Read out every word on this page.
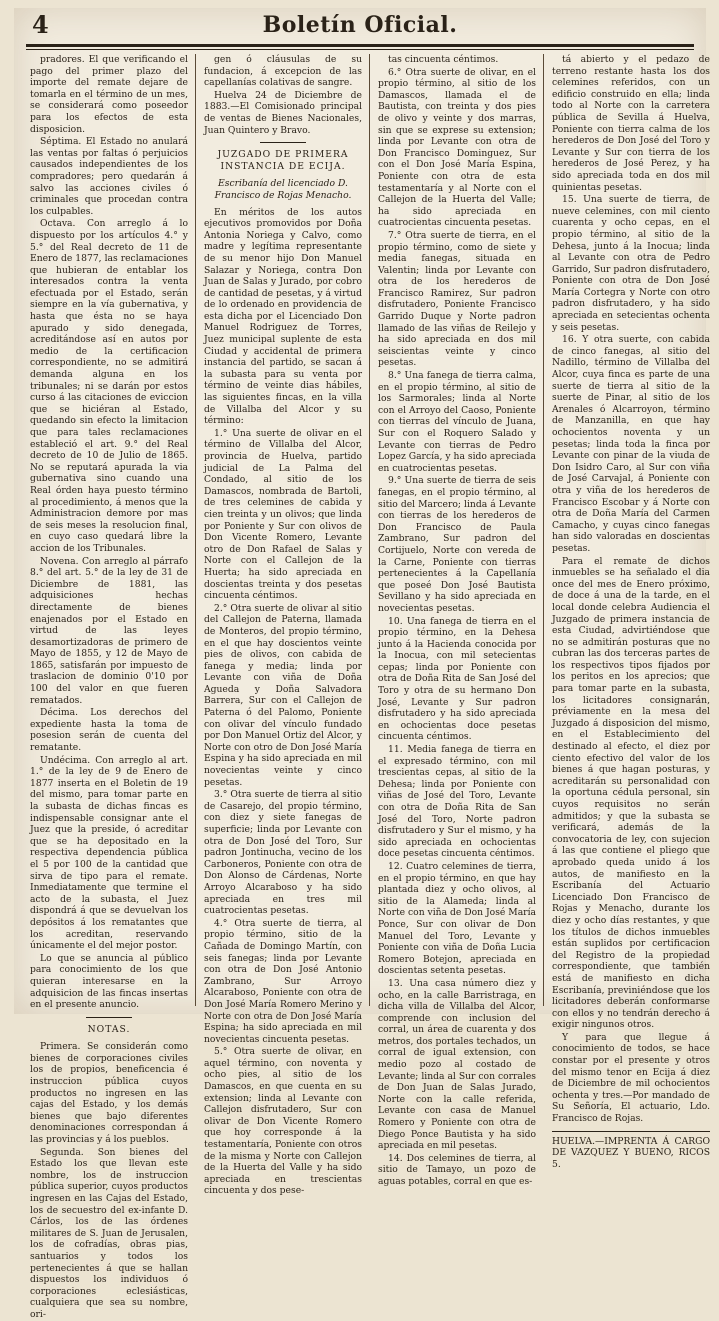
4	Boletín Oficial.

pradores. El que verificando el pago del primer plazo del importe del remate dejare de tomarla en el término de un mes, se considerará como poseedor para los efectos de esta disposicion.

Séptima. El Estado no anulará las ventas por faltas ó perjuicios causados independientes de los compradores; pero quedarán á salvo las acciones civiles ó criminales que procedan contra los culpables.

Octava. Con arreglo á lo dispuesto por los artículos 4.° y 5.° del Real decreto de 11 de Enero de 1877, las reclamaciones que hubieran de entablar los interesados contra la venta efectuada por el Estado, serán siempre en la vía gubernativa, y hasta que ésta no se haya apurado y sido denegada, acreditándose así en autos por medio de la certificacion correspondiente, no se admitirá demanda alguna en los tribunales; ni se darán por estos curso á las citaciones de eviccion que se hiciéran al Estado, quedando sin efecto la limitacion que para tales reclamaciones estableció el art. 9.° del Real decreto de 10 de Julio de 1865. No se reputará apurada la via gubernativa sino cuando una Real órden haya puesto término al procedimiento, á menos que la Administracion demore por mas de seis meses la resolucion final, en cuyo caso quedará libre la accion de los Tribunales.

Novena. Con arreglo al párrafo 8.° del art. 5.° de la ley de 31 de Diciembre de 1881, las adquisiciones hechas directamente de bienes enajenados por el Estado en virtud de las leyes desamortizadoras de primero de Mayo de 1855, y 12 de Mayo de 1865, satisfarán por impuesto de traslacion de dominio 0'10 por 100 del valor en que fueren rematados.

Décima. Los derechos del expediente hasta la toma de posesion serán de cuenta del rematante.

Undécima. Con arreglo al art. 1.° de la ley de 9 de Enero de 1877 inserta en el Boletin de 19 del mismo, para tomar parte en la subasta de dichas fincas es indispensable consignar ante el Juez que la preside, ó acreditar que se ha depositado en la respectiva dependencia pública el 5 por 100 de la cantidad que sirva de tipo para el remate. Inmediatamente que termine el acto de la subasta, el Juez dispondrá á que se devuelvan los depósitos á los rematantes que los acreditan, reservando únicamente el del mejor postor.

Lo que se anuncia al público para conocimiento de los que quieran interesarse en la adquisicion de las fincas insertas en el presente anuncio.

NOTAS.

Primera. Se considerán como bienes de corporaciones civiles los de propios, beneficencia é instruccion pública cuyos productos no ingresen en las cajas del Estado, y los demás bienes que bajo diferentes denominaciones correspondan á las provincias y á los pueblos.

Segunda. Son bienes del Estado los que llevan este nombre, los de instruccion pública superior, cuyos productos ingresen en las Cajas del Estado, los de secuestro del ex-infante D. Cárlos, los de las órdenes militares de S. Juan de Jerusalen, los de cofradías, obras pias, santuarios y todos los pertenecientes á que se hallan dispuestos los individuos ó corporaciones eclesiásticas, cualquiera que sea su nombre, ori-

gen ó cláusulas de su fundacion, á excepcion de las capellanías colativas de sangre.

Huelva 24 de Diciembre de 1883.—El Comisionado principal de ventas de Bienes Nacionales, Juan Quintero y Bravo.

JUZGADO DE PRIMERA INSTANCIA DE ECIJA.

Escribanía del licenciado D. Francisco de Rojas Menacho.

En méritos de los autos ejecutivos promovidos por Doña Antonia Noriega y Calvo, como madre y legítima representante de su menor hijo Don Manuel Salazar y Noriega, contra Don Juan de Salas y Jurado, por cobro de cantidad de pesetas, y á virtud de lo ordenado en providencia de esta dicha por el Licenciado Don Manuel Rodriguez de Torres, Juez municipal suplente de esta Ciudad y accidental de primera instancia del partido, se sacan á la subasta para su venta por término de veinte dias hábiles, las siguientes fincas, en la villa de Villalba del Alcor y su término:

1.° Una suerte de olivar en el término de Villalba del Alcor, provincia de Huelva, partido judicial de La Palma del Condado, al sitio de los Damascos, nombrada de Bartoli, de tres celemines de cabida y cien treinta y un olivos; que linda por Poniente y Sur con olivos de Don Vicente Romero, Levante otro de Don Rafael de Salas y Norte con el Callejon de la Huerta; ha sido apreciada en doscientas treinta y dos pesetas cincuenta céntimos.

2.° Otra suerte de olivar al sitio del Callejon de Paterna, llamada de Monteros, del propio término, en el que hay doscientos veinte pies de olivos, con cabida de fanega y media; linda por Levante con viña de Doña Agueda y Doña Salvadora Barrera, Sur con el Callejon de Paterna ó del Palomo, Poniente con olivar del vínculo fundado por Don Manuel Ortiz del Alcor, y Norte con otro de Don José María Espina y ha sido apreciada en mil novecientas veinte y cinco pesetas.

3.° Otra suerte de tierra al sitio de Casarejo, del propio término, con diez y siete fanegas de superficie; linda por Levante con otra de Don José del Toro, Sur padron Jontinucha, vecino de los Carboneros, Poniente con otra de Don Alonso de Cárdenas, Norte Arroyo Alcaraboso y ha sido apreciada en tres mil cuatrocientas pesetas.

4.° Otra suerte de tierra, al propio término, sitio de la Cañada de Domingo Martín, con seis fanegas; linda por Levante con otra de Don José Antonio Zambrano, Sur Arroyo Alcaraboso, Poniente con otra de Don José María Romero Merino y Norte con otra de Don José María Espina; ha sido apreciada en mil novecientas cincuenta pesetas.

5.° Otra suerte de olivar, en aquel término, con noventa y ocho pies, al sitio de los Damascos, en que cuenta en su extension; linda al Levante con Callejon disfrutadero, Sur con olivar de Don Vicente Romero que hoy corresponde á la testamentaría, Poniente con otros de la misma y Norte con Callejon de la Huerta del Valle y ha sido apreciada en trescientas cincuenta y dos pese-

tas cincuenta céntimos.

6.° Otra suerte de olivar, en el propio término, al sitio de los Damascos, llamada el de Bautista, con treinta y dos pies de olivo y veinte y dos marras, sin que se exprese su extension; linda por Levante con otra de Don Francisco Dominguez, Sur con el Don José María Espina, Poniente con otra de esta testamentaría y al Norte con el Callejon de la Huerta del Valle; ha sido apreciada en cuatrocientas cincuenta pesetas.

7.° Otra suerte de tierra, en el propio término, como de siete y media fanegas, situada en Valentin; linda por Levante con otra de los herederos de Francisco Ramirez, Sur padron disfrutadero, Poniente Francisco Garrido Duque y Norte padron llamado de las viñas de Reilejo y ha sido apreciada en dos mil seiscientas veinte y cinco pesetas.

8.° Una fanega de tierra calma, en el propio término, al sitio de los Sarmorales; linda al Norte con el Arroyo del Caoso, Poniente con tierras del vínculo de Juana, Sur con el Roquero Salado y Levante con tierras de Pedro Lopez García, y ha sido apreciada en cuatrocientas pesetas.

9.° Una suerte de tierra de seis fanegas, en el propio término, al sitio del Marcero; linda á Levante con tierras de los herederos de Don Francisco de Paula Zambrano, Sur padron del Cortijuelo, Norte con vereda de la Carne, Poniente con tierras pertenecientes á la Capellanía que poseé Don José Bautista Sevillano y ha sido apreciada en novecientas pesetas.

10. Una fanega de tierra en el propio término, en la Dehesa junto á la Hacienda conocida por la Inocua, con mil setecientas cepas; linda por Poniente con otra de Doña Rita de San José del Toro y otra de su hermano Don José, Levante y Sur padron disfrutadero y ha sido apreciada en ochocientas doce pesetas cincuenta céntimos.

11. Media fanega de tierra en el expresado término, con mil trescientas cepas, al sitio de la Dehesa; linda por Poniente con viñas de José del Toro, Levante con otra de Doña Rita de San José del Toro, Norte padron disfrutadero y Sur el mismo, y ha sido apreciada en ochocientas doce pesetas cincuenta céntimos.

12. Cuatro celemines de tierra, en el propio término, en que hay plantada diez y ocho olivos, al sitio de la Alameda; linda al Norte con viña de Don José María Ponce, Sur con olivar de Don Manuel del Toro, Levante y Poniente con viña de Doña Lucia Romero Botejon, apreciada en doscientas setenta pesetas.

13. Una casa número diez y ocho, en la calle Barristraga, en dicha villa de Villalba del Alcor, comprende con inclusion del corral, un área de cuarenta y dos metros, dos portales techados, un corral de igual extension, con medio pozo al costado de Levante; linda al Sur con corrales de Don Juan de Salas Jurado, Norte con la calle referida, Levante con casa de Manuel Romero y Poniente con otra de Diego Ponce Bautista y ha sido apreciada en mil pesetas.

14. Dos celemines de tierra, al sitio de Tamayo, un pozo de aguas potables, corral en que es-

tá abierto y el pedazo de terreno restante hasta los dos celemines referidos, con un edificio construido en ella; linda todo al Norte con la carretera pública de Sevilla á Huelva, Poniente con tierra calma de los herederos de Don José del Toro y Levante y Sur con tierra de los herederos de José Perez, y ha sido apreciada toda en dos mil quinientas pesetas.

15. Una suerte de tierra, de nueve celemines, con mil ciento cuarenta y ocho cepas, en el propio término, al sitio de la Dehesa, junto á la Inocua; linda al Levante con otra de Pedro Garrido, Sur padron disfrutadero, Poniente con otra de Don José María Cortegra y Norte con otro padron disfrutadero, y ha sido apreciada en setecientas ochenta y seis pesetas.

16. Y otra suerte, con cabida de cinco fanegas, al sitio del Nadillo, término de Villalba del Alcor, cuya finca es parte de una suerte de tierra al sitio de la suerte de Pinar, al sitio de los Arenales ó Alcarroyon, término de Manzanilla, en que hay ochocientos noventa y un pesetas; linda toda la finca por Levante con pinar de la viuda de Don Isidro Caro, al Sur con viña de José Carvajal, á Poniente con otra y viña de los herederos de Francisco Escobar y á Norte con otra de Doña María del Carmen Camacho, y cuyas cinco fanegas han sido valoradas en doscientas pesetas.

Para el remate de dichos inmuebles se ha señalado el dia once del mes de Enero próximo, de doce á una de la tarde, en el local donde celebra Audiencia el Juzgado de primera instancia de esta Ciudad, advirtiéndose que no se admitirán posturas que no cubran las dos terceras partes de los respectivos tipos fijados por los peritos en los aprecios; que para tomar parte en la subasta, los licitadores consignarán, préviamente en la mesa del Juzgado á disposicion del mismo, en el Establecimiento del destinado al efecto, el diez por ciento efectivo del valor de los bienes á que hagan posturas, y acreditarán su personalidad con la oportuna cédula personal, sin cuyos requisitos no serán admitidos; y que la subasta se verificará, además de la convocatoria de ley, con sujecion á las que contiene el pliego que aprobado queda unido á los autos, de manifiesto en la Escribanía del Actuario Licenciado Don Francisco de Rojas y Menacho, durante los diez y ocho días restantes, y que los títulos de dichos inmuebles están suplidos por certificacion del Registro de la propiedad correspondiente, que también está de manifiesto en dicha Escribanía, previniéndose que los licitadores deberán conformarse con ellos y no tendrán derecho á exigir ningunos otros.

Y para que llegue á conocimiento de todos, se hace constar por el presente y otros del mismo tenor en Ecija á diez de Diciembre de mil ochocientos ochenta y tres.—Por mandado de Su Señoría, El actuario, Ldo. Francisco de Rojas.

HUELVA.—IMPRENTA Á CARGO DE VAZQUEZ Y BUENO, RICOS 5.
